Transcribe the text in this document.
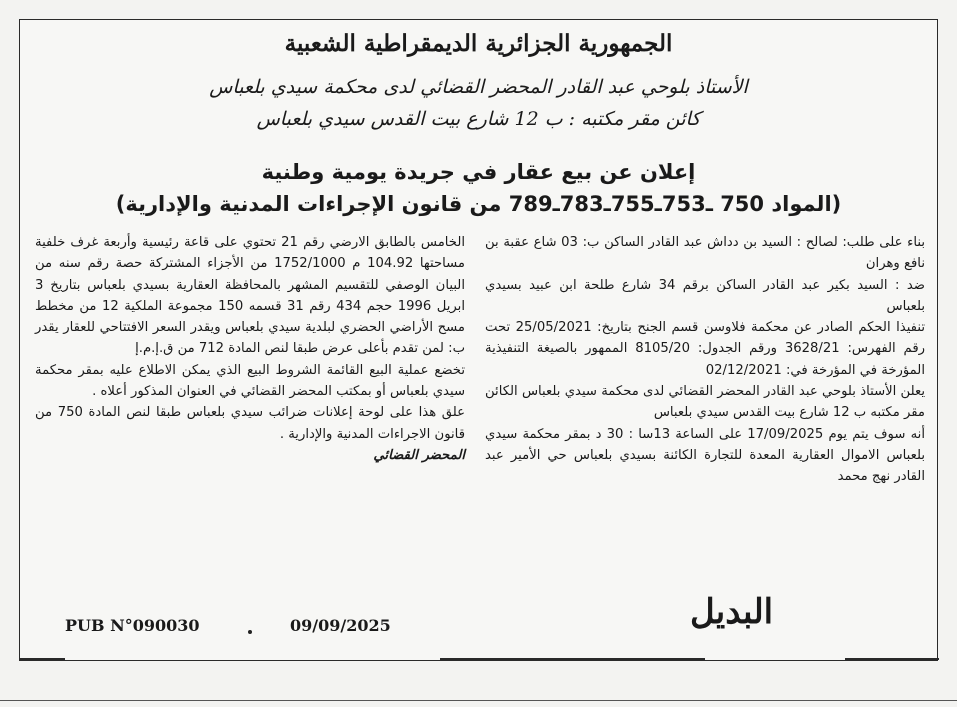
الجمهورية الجزائرية الديمقراطية الشعبية
الأستاذ بلوحي عبد القادر المحضر القضائي لدى محكمة سيدي بلعباس
كائن مقر مكتبه : ب 12 شارع بيت القدس سيدي بلعباس
إعلان عن بيع عقار في جريدة يومية وطنية
(المواد 750 ـ753ـ755ـ783ـ789 من قانون الإجراءات المدنية والإدارية)

بناء على طلب: لصالح : السيد بن دداش عبد القادر الساكن ب: 03 شاع عقبة بن نافع وهران

ضد : السيد بكير عبد القادر الساكن برقم 34 شارع طلحة ابن عبيد بسيدي بلعباس

تنفيذا الحكم الصادر عن محكمة فلاوسن قسم الجنح بتاريخ: 25/05/2021 تحت رقم الفهرس: 3628/21 ورقم الجدول: 8105/20 الممهور بالصيغة التنفيذية المؤرخة في المؤرخة في: 02/12/2021

يعلن الأستاذ بلوحي عبد القادر المحضر القضائي لدى محكمة سيدي بلعباس الكائن مقر مكتبه ب 12 شارع بيت القدس سيدي بلعباس

أنه سوف يتم يوم 17/09/2025 على الساعة 13سا : 30 د بمقر محكمة سيدي بلعباس الاموال العقارية المعدة للتجارة الكائنة بسيدي بلعباس حي الأمير عبد القادر نهج محمد

الخامس بالطابق الارضي رقم 21 تحتوي على قاعة رئيسية وأربعة غرف خلفية مساحتها 104.92 م 1752/1000 من الأجزاء المشتركة حصة رقم سنه من البيان الوصفي للتقسيم المشهر بالمحافظة العقارية بسيدي بلعباس بتاريخ 3 ابريل 1996 حجم 434 رقم 31 قسمه 150 مجموعة الملكية 12 من مخطط مسح الأراضي الحضري لبلدية سيدي بلعباس ويقدر السعر الافتتاحي للعقار يقدر ب: لمن تقدم بأعلى عرض طبقا لنص المادة 712 من ق.إ.م.إ

تخضع عملية البيع القائمة الشروط البيع الذي يمكن الاطلاع عليه بمقر محكمة سيدي بلعباس أو بمكتب المحضر القضائي في العنوان المذكور أعلاه .

علق هذا على لوحة إعلانات ضرائب سيدي بلعباس طبقا لنص المادة 750 من قانون الاجراءات المدنية والإدارية .

المحضر القضائي

PUB N°090030	09/09/2025	البديل
